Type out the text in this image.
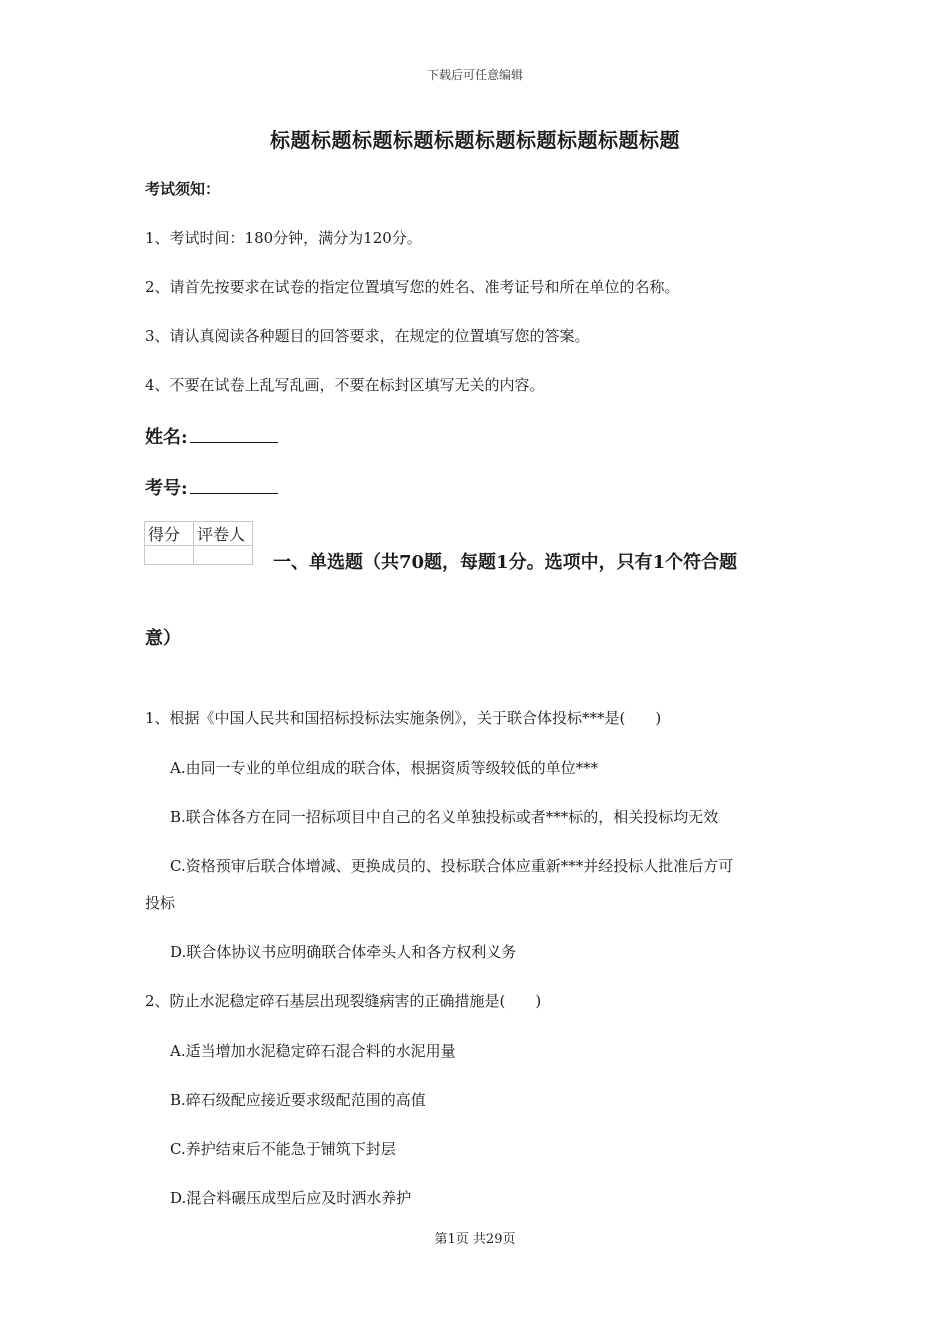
下载后可任意编辑
标题标题标题标题标题标题标题标题标题标题
考试须知：
1、考试时间：180分钟，满分为120分。
2、请首先按要求在试卷的指定位置填写您的姓名、准考证号和所在单位的名称。
3、请认真阅读各种题目的回答要求，在规定的位置填写您的答案。
4、不要在试卷上乱写乱画，不要在标封区填写无关的内容。
姓名:
考号:
得分	评卷人

一、单选题（共70题，每题1分。选项中，只有1个符合题
意）
1、根据《中国人民共和国招标投标法实施条例》，关于联合体投标***是(　　)
A.由同一专业的单位组成的联合体，根据资质等级较低的单位***
B.联合体各方在同一招标项目中自己的名义单独投标或者***标的，相关投标均无效
C.资格预审后联合体增减、更换成员的、投标联合体应重新***并经投标人批准后方可
投标
D.联合体协议书应明确联合体牵头人和各方权利义务
2、防止水泥稳定碎石基层出现裂缝病害的正确措施是(　　)
A.适当增加水泥稳定碎石混合料的水泥用量
B.碎石级配应接近要求级配范围的高值
C.养护结束后不能急于铺筑下封层
D.混合料碾压成型后应及时洒水养护
第1页 共29页
